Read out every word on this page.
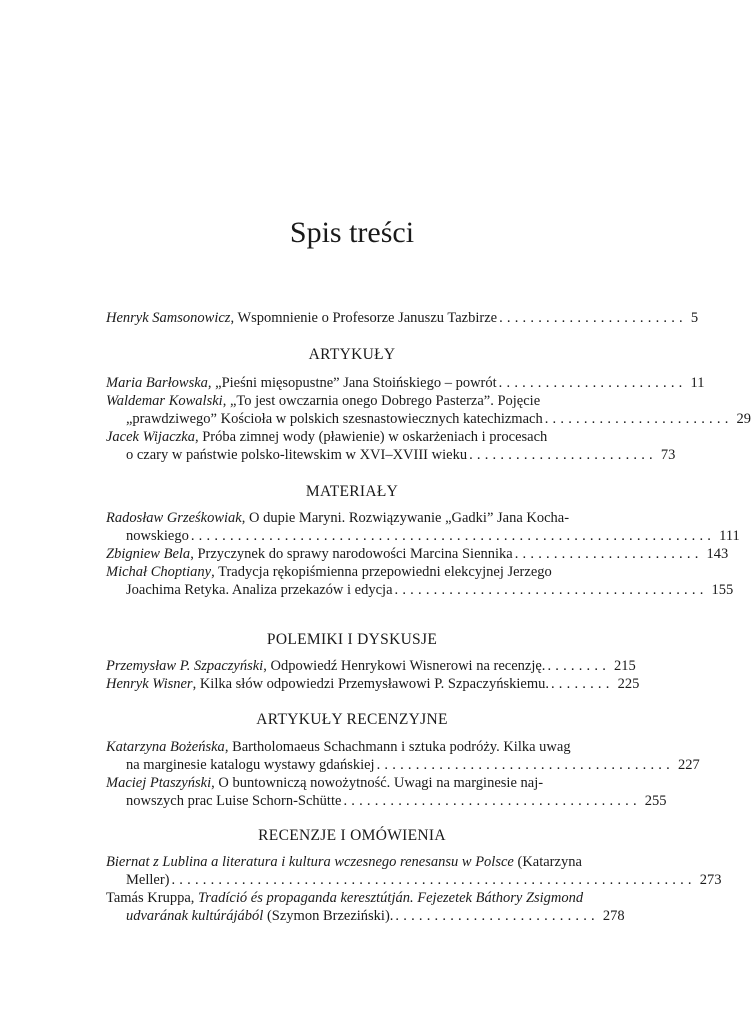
Spis treści
Henryk Samsonowicz, Wspomnienie o Profesorze Januszu Tazbirze ........................ 5
ARTYKUŁY
Maria Barłowska, „Pieśni mięsopustne” Jana Stoińskiego – powrót ........................ 11
Waldemar Kowalski, „To jest owczarnia onego Dobrego Pasterza”. Pojęcie
„prawdziwego” Kościoła w polskich szesnastowiecznych katechizmach ........................ 29
Jacek Wijaczka, Próba zimnej wody (pławienie) w oskarżeniach i procesach
o czary w państwie polsko-litewskim w XVI–XVIII wieku ........................ 73
MATERIAŁY
Radosław Grześkowiak, O dupie Maryni. Rozwiązywanie „Gadki” Jana Kocha-
nowskiego ................................................................... 111
Zbigniew Bela, Przyczynek do sprawy narodowości Marcina Siennika ........................ 143
Michał Choptiany, Tradycja rękopiśmienna przepowiedni elekcyjnej Jerzego
Joachima Retyka. Analiza przekazów i edycja ........................................ 155
POLEMIKI I DYSKUSJE
Przemysław P. Szpaczyński, Odpowiedź Henrykowi Wisnerowi na recenzję. ........ 215
Henryk Wisner, Kilka słów odpowiedzi Przemysławowi P. Szpaczyńskiemu. ........ 225
ARTYKUŁY RECENZYJNE
Katarzyna Bożeńska, Bartholomaeus Schachmann i sztuka podróży. Kilka uwag
na marginesie katalogu wystawy gdańskiej ...................................... 227
Maciej Ptaszyński, O buntowniczą nowożytność. Uwagi na marginesie naj-
nowszych prac Luise Schorn-Schütte ...................................... 255
RECENZJE I OMÓWIENIA
Biernat z Lublina a literatura i kultura wczesnego renesansu w Polsce (Katarzyna
Meller) ................................................................... 273
Tamás Kruppa, Tradíció és propaganda keresztútján. Fejezetek Báthory Zsigmond
udvarának kultúrájából (Szymon Brzeziński). .......................... 278
